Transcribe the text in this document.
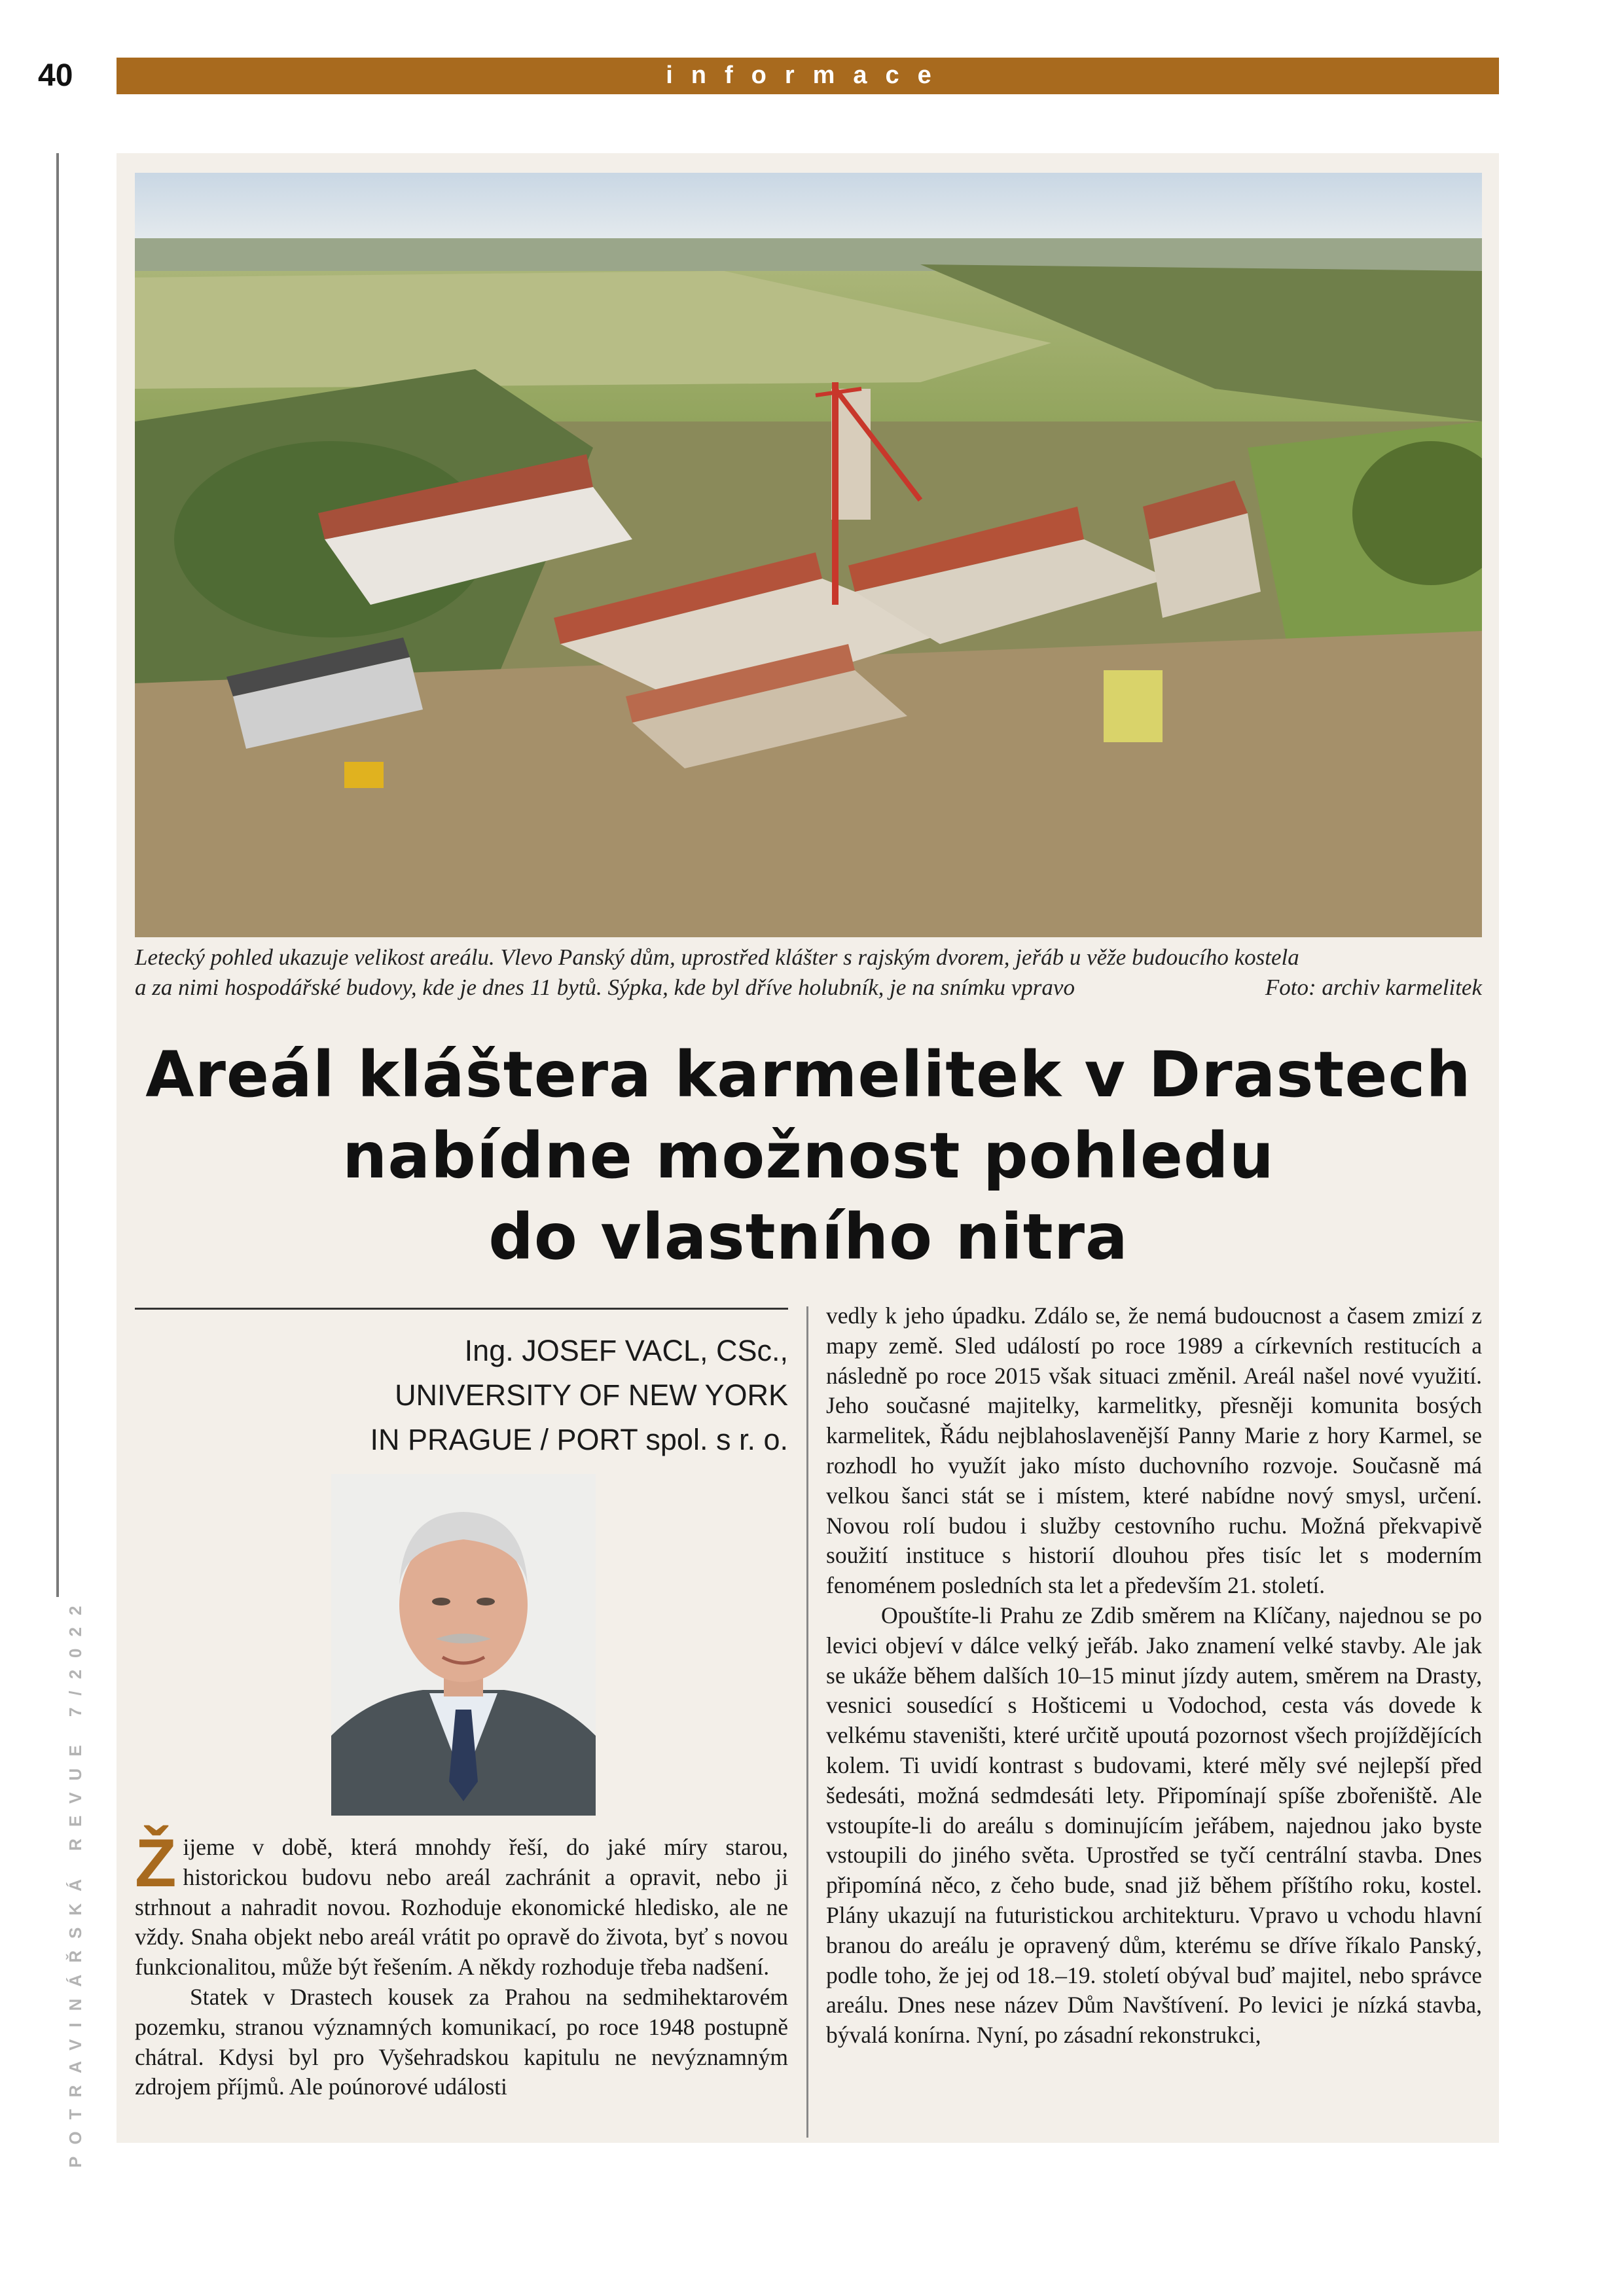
40	informace
POTRAVINÁŘSKÁ REVUE 7/2022
Letecký pohled ukazuje velikost areálu. Vlevo Panský dům, uprostřed klášter s rajským dvorem, jeřáb u věže budoucího kostela
a za nimi hospodářské budovy, kde je dnes 11 bytů. Sýpka, kde byl dříve holubník, je na snímku vpravo	Foto: archiv karmelitek
Areál kláštera karmelitek v Drastech
nabídne možnost pohledu
do vlastního nitra
Ing. JOSEF VACL, CSc.,
UNIVERSITY OF NEW YORK
IN PRAGUE / PORT spol. s r. o.

Žijeme v době, která mnohdy řeší, do jaké míry starou, historickou budovu nebo areál zachránit a opravit, nebo ji strhnout a nahradit novou. Rozhoduje ekonomické hledisko, ale ne vždy. Snaha objekt nebo areál vrátit po opravě do života, byť s novou funkcionalitou, může být řešením. A někdy rozhoduje třeba nadšení.

Statek v Drastech kousek za Prahou na sedmihektarovém pozemku, stranou významných komunikací, po roce 1948 postupně chátral. Kdysi byl pro Vyšehradskou kapitulu ne nevýznamným zdrojem příjmů. Ale poúnorové události

vedly k jeho úpadku. Zdálo se, že nemá budoucnost a časem zmizí z mapy země. Sled událostí po roce 1989 a církevních restitucích a následně po roce 2015 však situaci změnil. Areál našel nové využití. Jeho současné majitelky, karmelitky, přesněji komunita bosých karmelitek, Řádu nejblahoslavenější Panny Marie z hory Karmel, se rozhodl ho využít jako místo duchovního rozvoje. Současně má velkou šanci stát se i místem, které nabídne nový smysl, určení. Novou rolí budou i služby cestovního ruchu. Možná překvapivě soužití instituce s historií dlouhou přes tisíc let s moderním fenoménem posledních sta let a především 21. století.

Opouštíte-li Prahu ze Zdib směrem na Klíčany, najednou se po levici objeví v dálce velký jeřáb. Jako znamení velké stavby. Ale jak se ukáže během dalších 10–15 minut jízdy autem, směrem na Drasty, vesnici sousedící s Hošticemi u Vodochod, cesta vás dovede k velkému staveništi, které určitě upoutá pozornost všech projíždějících kolem. Ti uvidí kontrast s budovami, které měly své nejlepší před šedesáti, možná sedmdesáti lety. Připomínají spíše zbořeniště. Ale vstoupíte-li do areálu s dominujícím jeřábem, najednou jako byste vstoupili do jiného světa. Uprostřed se tyčí centrální stavba. Dnes připomíná něco, z čeho bude, snad již během příštího roku, kostel. Plány ukazují na futuristickou architekturu. Vpravo u vchodu hlavní branou do areálu je opravený dům, kterému se dříve říkalo Panský, podle toho, že jej od 18.–19. století obýval buď majitel, nebo správce areálu. Dnes nese název Dům Navštívení. Po levici je nízká stavba, bývalá konírna. Nyní, po zásadní rekonstrukci,
